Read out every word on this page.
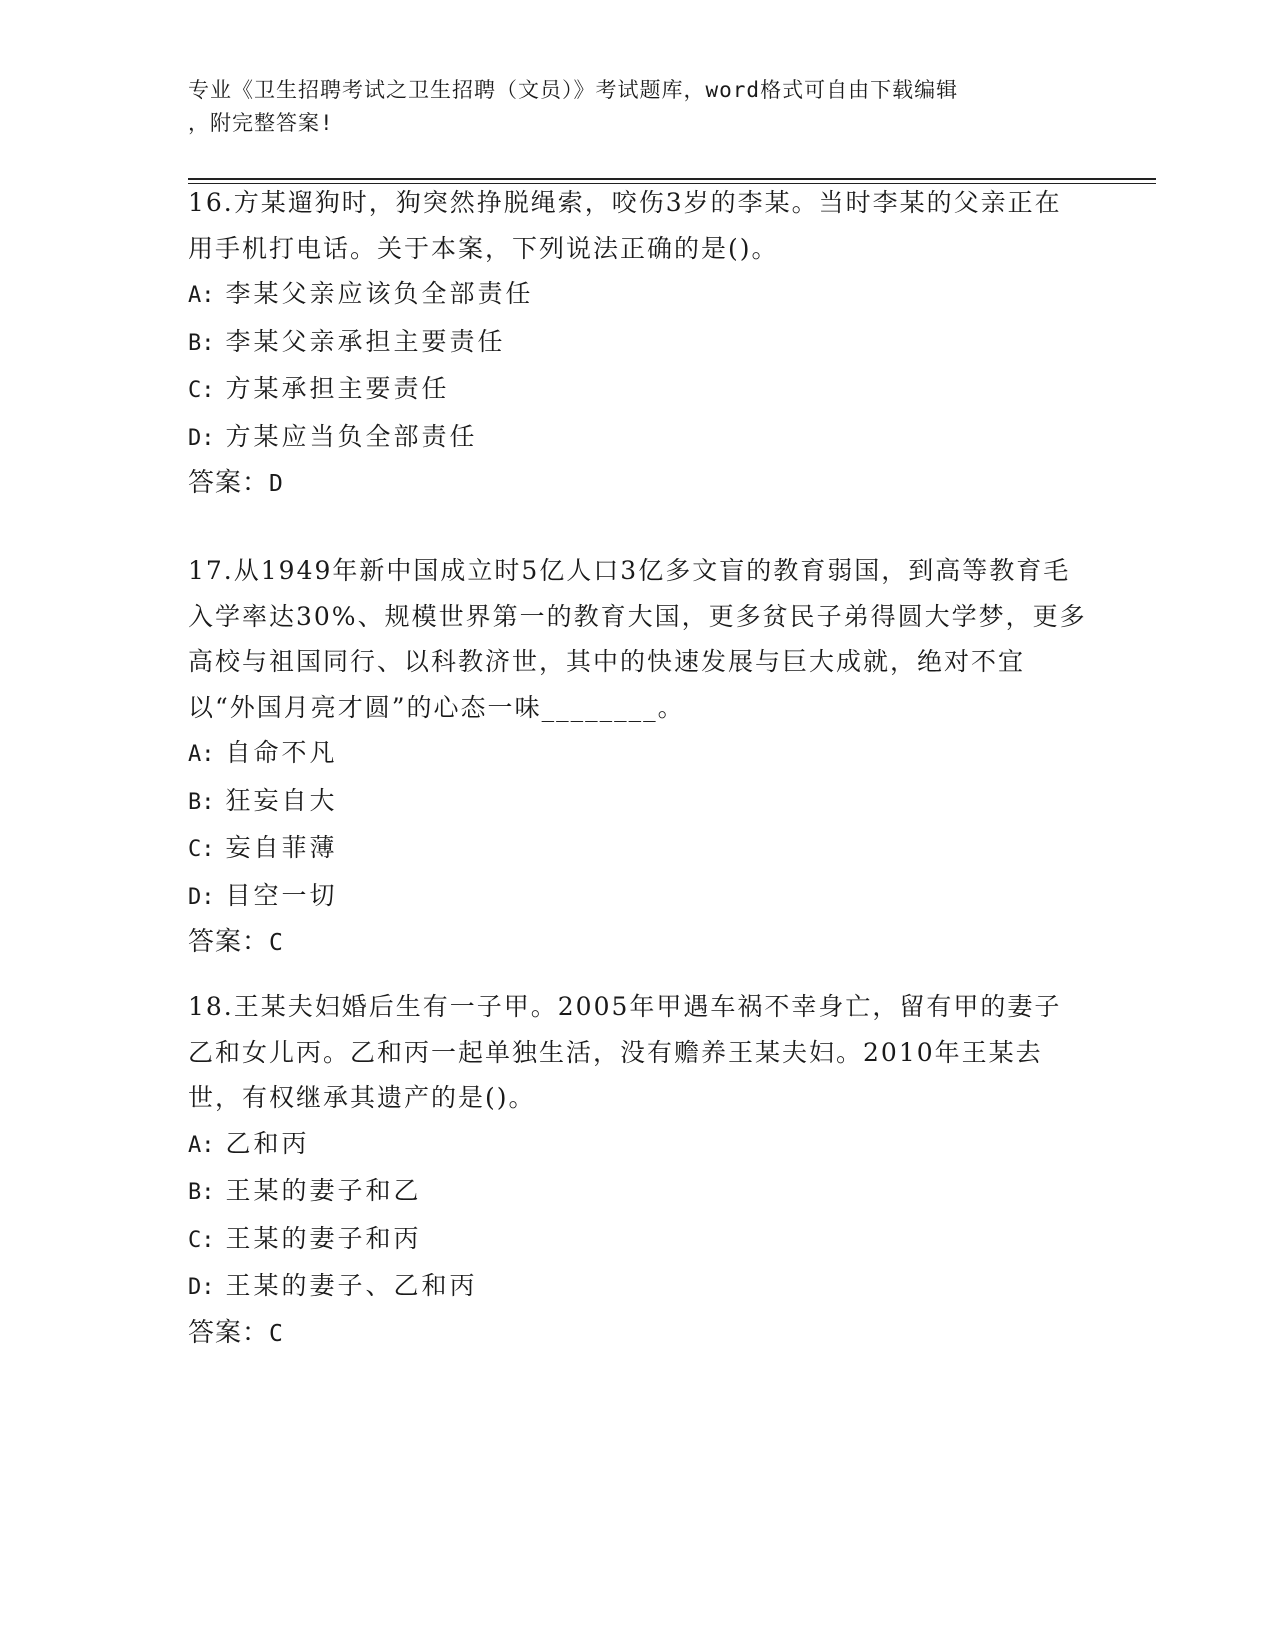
专业《卫生招聘考试之卫生招聘（文员）》考试题库，word格式可自由下载编辑
，附完整答案!

16.方某遛狗时，狗突然挣脱绳索，咬伤3岁的李某。当时李某的父亲正在用手机打电话。关于本案，下列说法正确的是()。

A: 李某父亲应该负全部责任

B: 李某父亲承担主要责任

C: 方某承担主要责任

D: 方某应当负全部责任

答案：D

17.从1949年新中国成立时5亿人口3亿多文盲的教育弱国，到高等教育毛入学率达30%、规模世界第一的教育大国，更多贫民子弟得圆大学梦，更多高校与祖国同行、以科教济世，其中的快速发展与巨大成就，绝对不宜以“外国月亮才圆”的心态一味________。

A: 自命不凡

B: 狂妄自大

C: 妄自菲薄

D: 目空一切

答案：C

18.王某夫妇婚后生有一子甲。2005年甲遇车祸不幸身亡，留有甲的妻子乙和女儿丙。乙和丙一起单独生活，没有赡养王某夫妇。2010年王某去世，有权继承其遗产的是()。

A: 乙和丙

B: 王某的妻子和乙

C: 王某的妻子和丙

D: 王某的妻子、乙和丙

答案：C
